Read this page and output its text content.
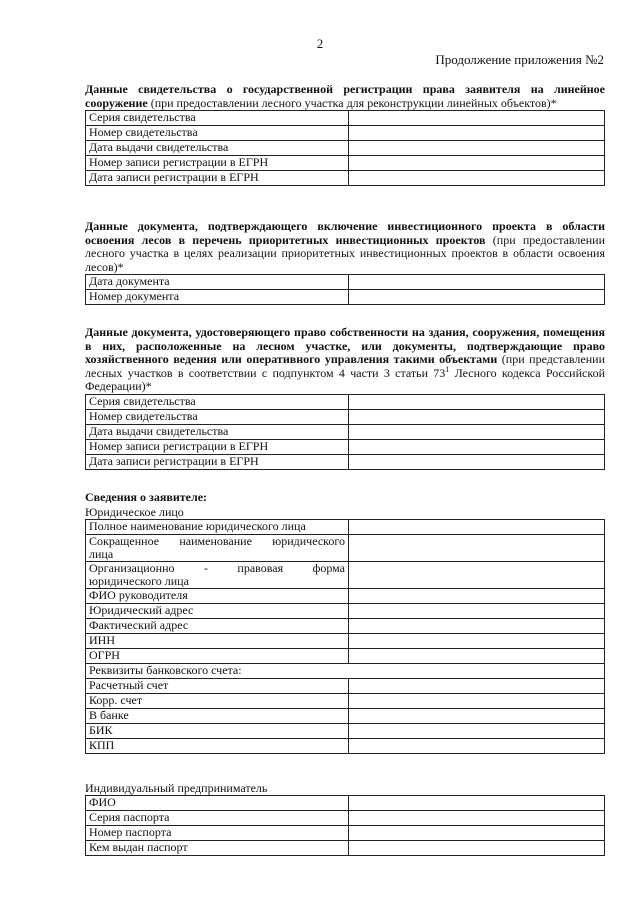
2
Продолжение приложения №2
Данные свидетельства о государственной регистрации права заявителя на линейное сооружение (при предоставлении лесного участка для реконструкции линейных объектов)*
Серия свидетельства	
Номер свидетельства	
Дата выдачи свидетельства	
Номер записи регистрации в ЕГРН	
Дата записи регистрации в ЕГРН	
Данные документа, подтверждающего включение инвестиционного проекта в области освоения лесов в перечень приоритетных инвестиционных проектов (при предоставлении лесного участка в целях реализации приоритетных инвестиционных проектов в области освоения лесов)*
Дата документа	
Номер документа	
Данные документа, удостоверяющего право собственности на здания, сооружения, помещения в них, расположенные на лесном участке, или документы, подтверждающие право хозяйственного ведения или оперативного управления такими объектами (при представлении лесных участков в соответствии с подпунктом 4 части 3 статьи $73^1$ Лесного кодекса Российской Федерации)*
Серия свидетельства	
Номер свидетельства	
Дата выдачи свидетельства	
Номер записи регистрации в ЕГРН	
Дата записи регистрации в ЕГРН	
Сведения о заявителе:
Юридическое лицо
Полное наименование юридического лица	

Сокращенное наименование юридического
лица	

Организационно - правовая форма
юридического лица	

ФИО руководителя	
Юридический адрес	
Фактический адрес	
ИНН	
ОГРН	
Реквизиты банковского счета:	
Расчетный счет	
Корр. счет	
В банке	
БИК	
КПП	
Индивидуальный предприниматель
ФИО	
Серия паспорта	
Номер паспорта	
Кем выдан паспорт	
